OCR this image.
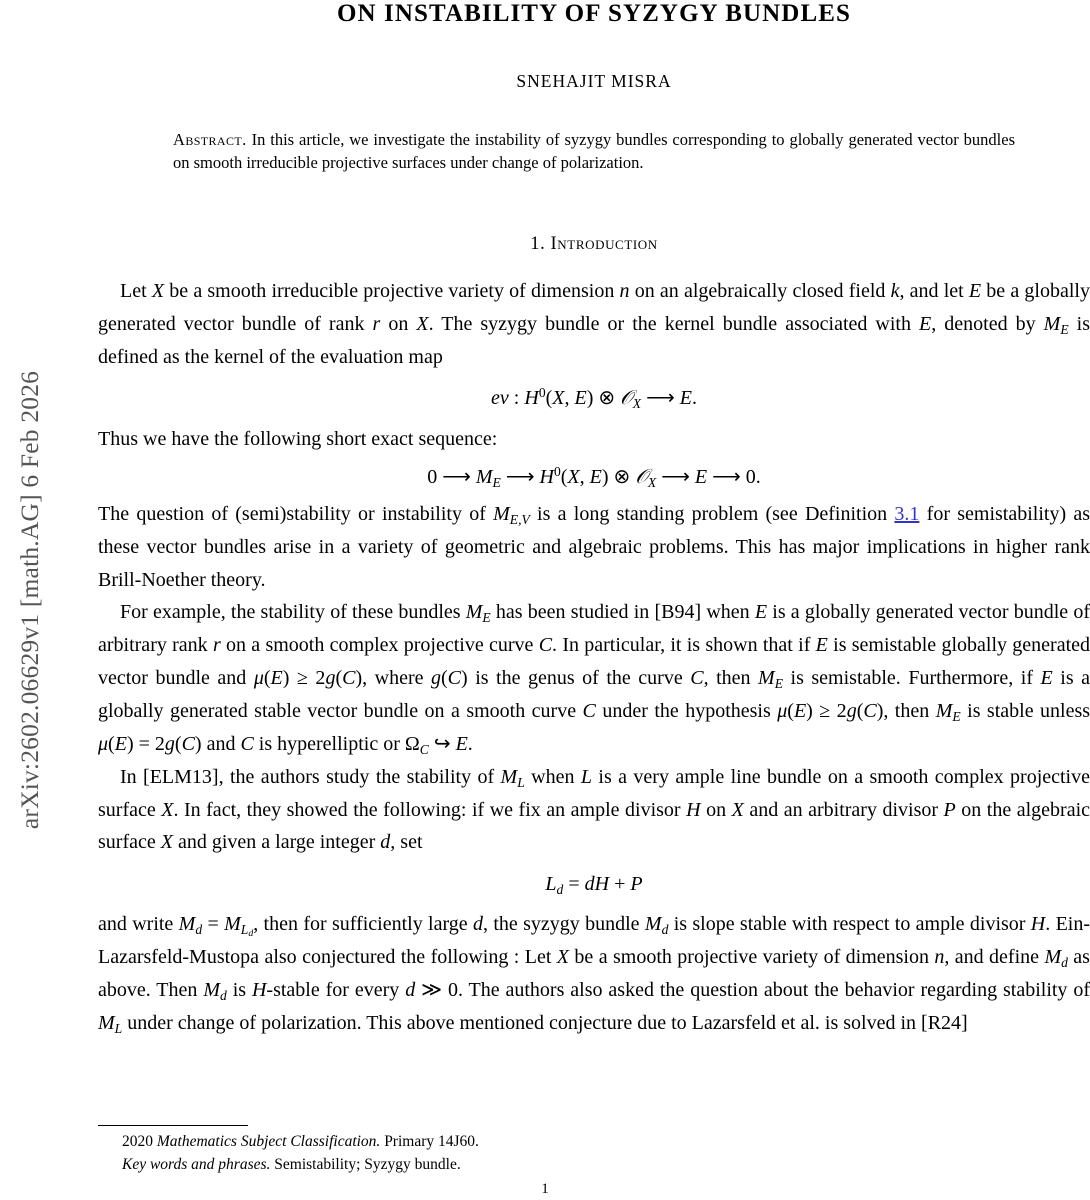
arXiv:2602.06629v1 [math.AG] 6 Feb 2026
ON INSTABILITY OF SYZYGY BUNDLES
SNEHAJIT MISRA
Abstract. In this article, we investigate the instability of syzygy bundles corresponding to globally generated vector bundles on smooth irreducible projective surfaces under change of polarization.
1. Introduction

Let X be a smooth irreducible projective variety of dimension n on an algebraically closed field k, and let E be a globally generated vector bundle of rank r on X. The syzygy bundle or the kernel bundle associated with E, denoted by $M_E$ is defined as the kernel of the evaluation map

ev : $H^0(X$, E) ⊗ 𝒪$_X$ ⟶ E.

Thus we have the following short exact sequence:

0 ⟶ $M_E$ ⟶ $H^0(X$, E) ⊗ 𝒪$_X$ ⟶ E ⟶ 0.

The question of (semi)stability or instability of $M_{E,V}$ is a long standing problem (see Definition 3.1 for semistability) as these vector bundles arise in a variety of geometric and algebraic problems. This has major implications in higher rank Brill-Noether theory.

For example, the stability of these bundles $M_E$ has been studied in [B94] when E is a globally generated vector bundle of arbitrary rank r on a smooth complex projective curve C. In particular, it is shown that if E is semistable globally generated vector bundle and μ(E) ≥ 2g(C), where g(C) is the genus of the curve C, then $M_E$ is semistable. Furthermore, if E is a globally generated stable vector bundle on a smooth curve C under the hypothesis μ(E) ≥ 2g(C), then $M_E$ is stable unless μ(E) = 2g(C) and C is hyperelliptic or $\Omega_C$ ↪ E.

In [ELM13], the authors study the stability of $M_L$ when L is a very ample line bundle on a smooth complex projective surface X. In fact, they showed the following: if we fix an ample divisor H on X and an arbitrary divisor P on the algebraic surface X and given a large integer d, set

$L_d$ = dH + P

and write $M_d = M_{Ld}$, then for sufficiently large d, the syzygy bundle $M_d$ is slope stable with respect to ample divisor H. Ein-Lazarsfeld-Mustopa also conjectured the following : Let X be a smooth projective variety of dimension n, and define $M_d$ as above. Then $M_d$ is H-stable for every d ≫ 0. The authors also asked the question about the behavior regarding stability of $M_L$ under change of polarization. This above mentioned conjecture due to Lazarsfeld et al. is solved in [R24]

2020 Mathematics Subject Classification. Primary 14J60.
Key words and phrases. Semistability; Syzygy bundle.
1
